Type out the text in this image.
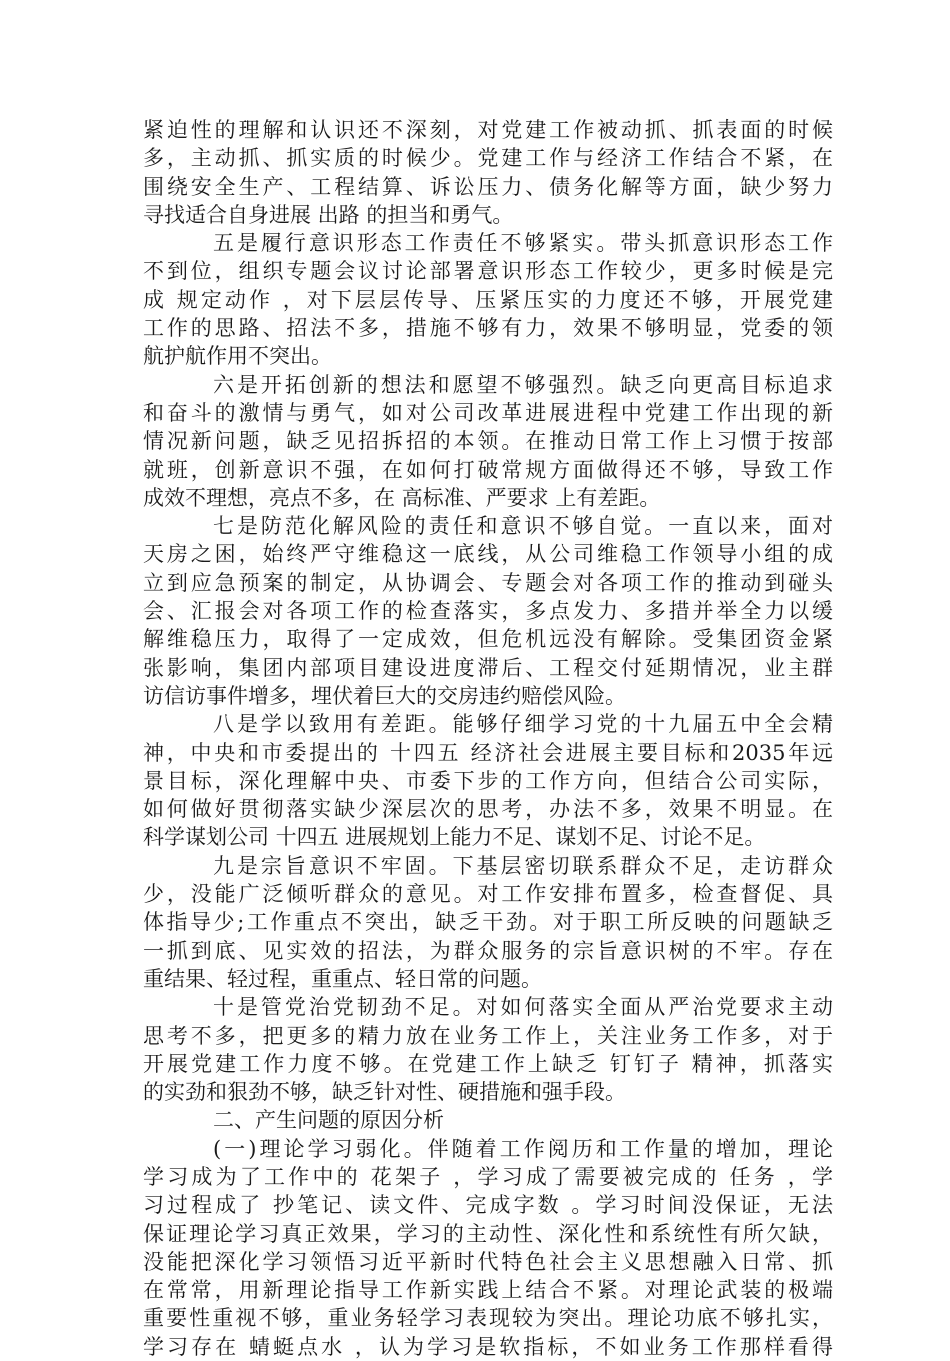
紧迫性的理解和认识还不深刻，对党建工作被动抓、抓表面的时候
多，主动抓、抓实质的时候少。党建工作与经济工作结合不紧，在
围绕安全生产、工程结算、诉讼压力、债务化解等方面，缺少努力
寻找适合自身进展 出路 的担当和勇气。
五是履行意识形态工作责任不够紧实。带头抓意识形态工作
不到位，组织专题会议讨论部署意识形态工作较少，更多时候是完
成 规定动作 ，对下层层传导、压紧压实的力度还不够，开展党建
工作的思路、招法不多，措施不够有力，效果不够明显，党委的领
航护航作用不突出。
六是开拓创新的想法和愿望不够强烈。缺乏向更高目标追求
和奋斗的激情与勇气，如对公司改革进展进程中党建工作出现的新
情况新问题，缺乏见招拆招的本领。在推动日常工作上习惯于按部
就班，创新意识不强，在如何打破常规方面做得还不够，导致工作
成效不理想，亮点不多，在 高标准、严要求 上有差距。
七是防范化解风险的责任和意识不够自觉。一直以来，面对
天房之困，始终严守维稳这一底线，从公司维稳工作领导小组的成
立到应急预案的制定，从协调会、专题会对各项工作的推动到碰头
会、汇报会对各项工作的检查落实，多点发力、多措并举全力以缓
解维稳压力，取得了一定成效，但危机远没有解除。受集团资金紧
张影响，集团内部项目建设进度滞后、工程交付延期情况，业主群
访信访事件增多，埋伏着巨大的交房违约赔偿风险。
八是学以致用有差距。能够仔细学习党的十九届五中全会精
神，中央和市委提出的 十四五 经济社会进展主要目标和2035年远
景目标，深化理解中央、市委下步的工作方向，但结合公司实际，
如何做好贯彻落实缺少深层次的思考，办法不多，效果不明显。在
科学谋划公司 十四五 进展规划上能力不足、谋划不足、讨论不足。
九是宗旨意识不牢固。下基层密切联系群众不足，走访群众
少，没能广泛倾听群众的意见。对工作安排布置多，检查督促、具
体指导少;工作重点不突出，缺乏干劲。对于职工所反映的问题缺乏
一抓到底、见实效的招法，为群众服务的宗旨意识树的不牢。存在
重结果、轻过程，重重点、轻日常的问题。
十是管党治党韧劲不足。对如何落实全面从严治党要求主动
思考不多，把更多的精力放在业务工作上，关注业务工作多，对于
开展党建工作力度不够。在党建工作上缺乏 钉钉子 精神，抓落实
的实劲和狠劲不够，缺乏针对性、硬措施和强手段。
二、产生问题的原因分析
(一)理论学习弱化。伴随着工作阅历和工作量的增加，理论
学习成为了工作中的 花架子 ，学习成了需要被完成的 任务 ，学
习过程成了 抄笔记、读文件、完成字数 。学习时间没保证，无法
保证理论学习真正效果，学习的主动性、深化性和系统性有所欠缺，
没能把深化学习领悟习近平新时代特色社会主义思想融入日常、抓
在常常，用新理论指导工作新实践上结合不紧。对理论武装的极端
重要性重视不够，重业务轻学习表现较为突出。理论功底不够扎实，
学习存在 蜻蜓点水 ，认为学习是软指标，不如业务工作那样看得
